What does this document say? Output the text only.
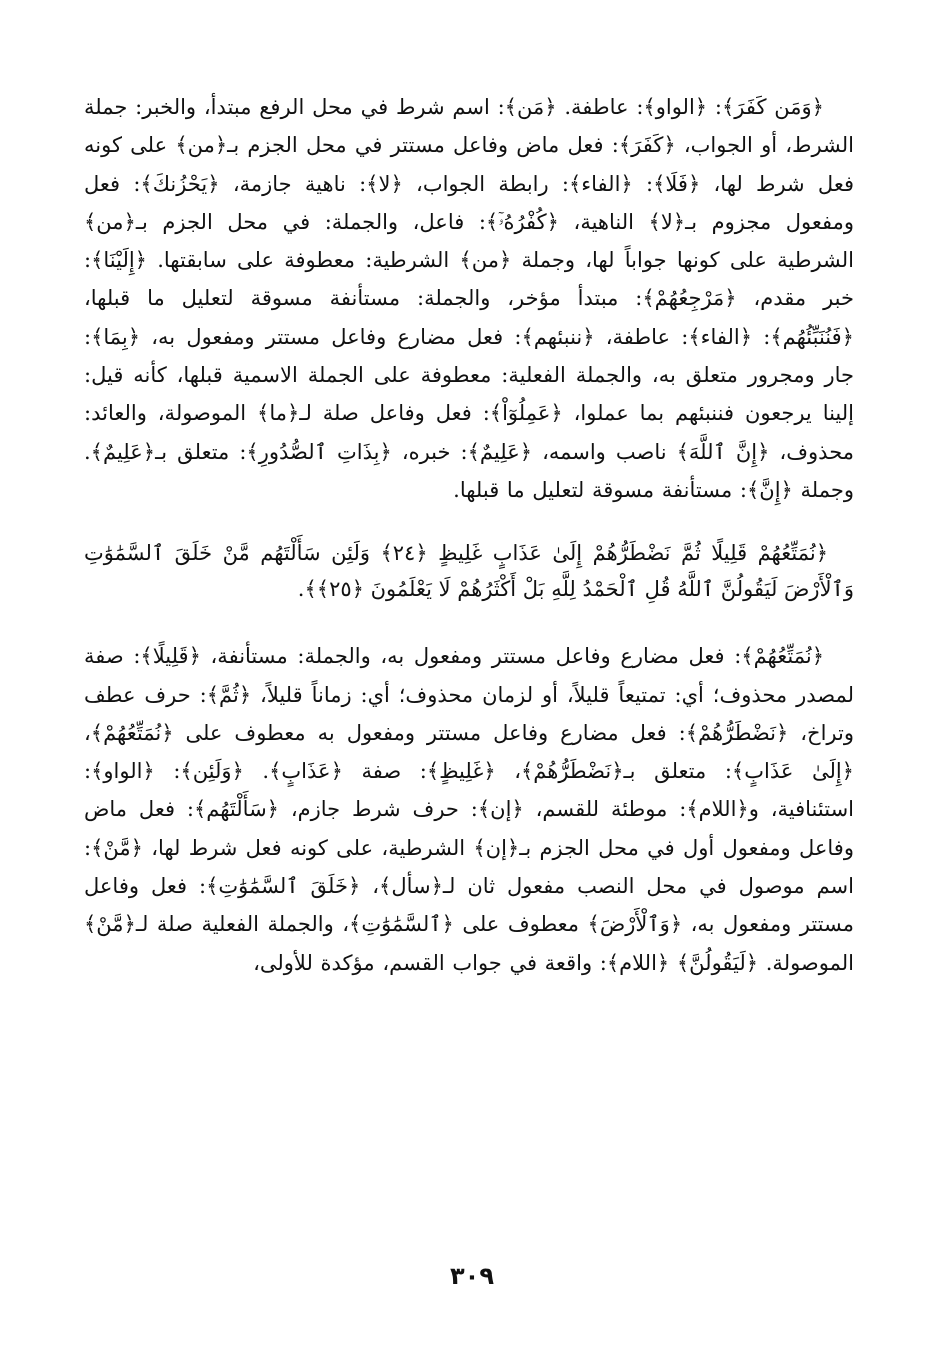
﴿وَمَن كَفَرَ﴾: ﴿الواو﴾: عاطفة. ﴿مَن﴾: اسم شرط في محل الرفع مبتدأ، والخبر: جملة الشرط، أو الجواب، ﴿كَفَرَ﴾: فعل ماض وفاعل مستتر في محل الجزم بـ﴿من﴾ على كونه فعل شرط لها، ﴿فَلَا﴾: ﴿الفاء﴾: رابطة الجواب، ﴿لا﴾: ناهية جازمة، ﴿يَحْزُنكَ﴾: فعل ومفعول مجزوم بـ﴿لا﴾ الناهية، ﴿كُفْرُهُۥٓ﴾: فاعل، والجملة: في محل الجزم بـ﴿من﴾ الشرطية على كونها جواباً لها، وجملة ﴿من﴾ الشرطية: معطوفة على سابقتها. ﴿إِلَيْنَا﴾: خبر مقدم، ﴿مَرْجِعُهُمْ﴾: مبتدأ مؤخر، والجملة: مستأنفة مسوقة لتعليل ما قبلها، ﴿فَنُنَبِّئُهُم﴾: ﴿الفاء﴾: عاطفة، ﴿ننبئهم﴾: فعل مضارع وفاعل مستتر ومفعول به، ﴿بِمَا﴾: جار ومجرور متعلق به، والجملة الفعلية: معطوفة على الجملة الاسمية قبلها، كأنه قيل: إلينا يرجعون فننبئهم بما عملوا، ﴿عَمِلُوٓاْ﴾: فعل وفاعل صلة لـ﴿ما﴾ الموصولة، والعائد: محذوف، ﴿إِنَّ ٱللَّهَ﴾ ناصب واسمه، ﴿عَلِيمٌ﴾: خبره، ﴿بِذَاتِ ٱلصُّدُورِ﴾: متعلق بـ﴿عَلِيمٌ﴾. وجملة ﴿إِنَّ﴾: مستأنفة مسوقة لتعليل ما قبلها.

﴿نُمَتِّعُهُمْ قَلِيلًا ثُمَّ نَضْطَرُّهُمْ إِلَىٰ عَذَابٍ غَلِيظٍ ﴿٢٤﴾ وَلَئِن سَأَلْتَهُم مَّنْ خَلَقَ ٱلسَّمَٰوَٰتِ وَٱلْأَرْضَ لَيَقُولُنَّ ٱللَّهُ قُلِ ٱلْحَمْدُ لِلَّهِ بَلْ أَكْثَرُهُمْ لَا يَعْلَمُونَ ﴿٢٥﴾﴾.

﴿نُمَتِّعُهُمْ﴾: فعل مضارع وفاعل مستتر ومفعول به، والجملة: مستأنفة، ﴿قَلِيلًا﴾: صفة لمصدر محذوف؛ أي: تمتيعاً قليلاً، أو لزمان محذوف؛ أي: زماناً قليلاً، ﴿ثُمَّ﴾: حرف عطف وتراخ، ﴿نَضْطَرُّهُمْ﴾: فعل مضارع وفاعل مستتر ومفعول به معطوف على ﴿نُمَتِّعُهُمْ﴾، ﴿إِلَىٰ عَذَابٍ﴾: متعلق بـ﴿نَضْطَرُّهُمْ﴾، ﴿غَلِيظٍ﴾: صفة ﴿عَذَابٍ﴾. ﴿وَلَئِن﴾: ﴿الواو﴾: استئنافية، و﴿اللام﴾: موطئة للقسم، ﴿إن﴾: حرف شرط جازم، ﴿سَأَلْتَهُم﴾: فعل ماض وفاعل ومفعول أول في محل الجزم بـ﴿إن﴾ الشرطية، على كونه فعل شرط لها، ﴿مَّنْ﴾: اسم موصول في محل النصب مفعول ثان لـ﴿سأل﴾، ﴿خَلَقَ ٱلسَّمَٰوَٰتِ﴾: فعل وفاعل مستتر ومفعول به، ﴿وَٱلْأَرْضَ﴾ معطوف على ﴿ٱلسَّمَٰوَٰتِ﴾، والجملة الفعلية صلة لـ﴿مَّنْ﴾ الموصولة. ﴿لَيَقُولُنَّ﴾ ﴿اللام﴾: واقعة في جواب القسم، مؤكدة للأولى،

٣٠٩
